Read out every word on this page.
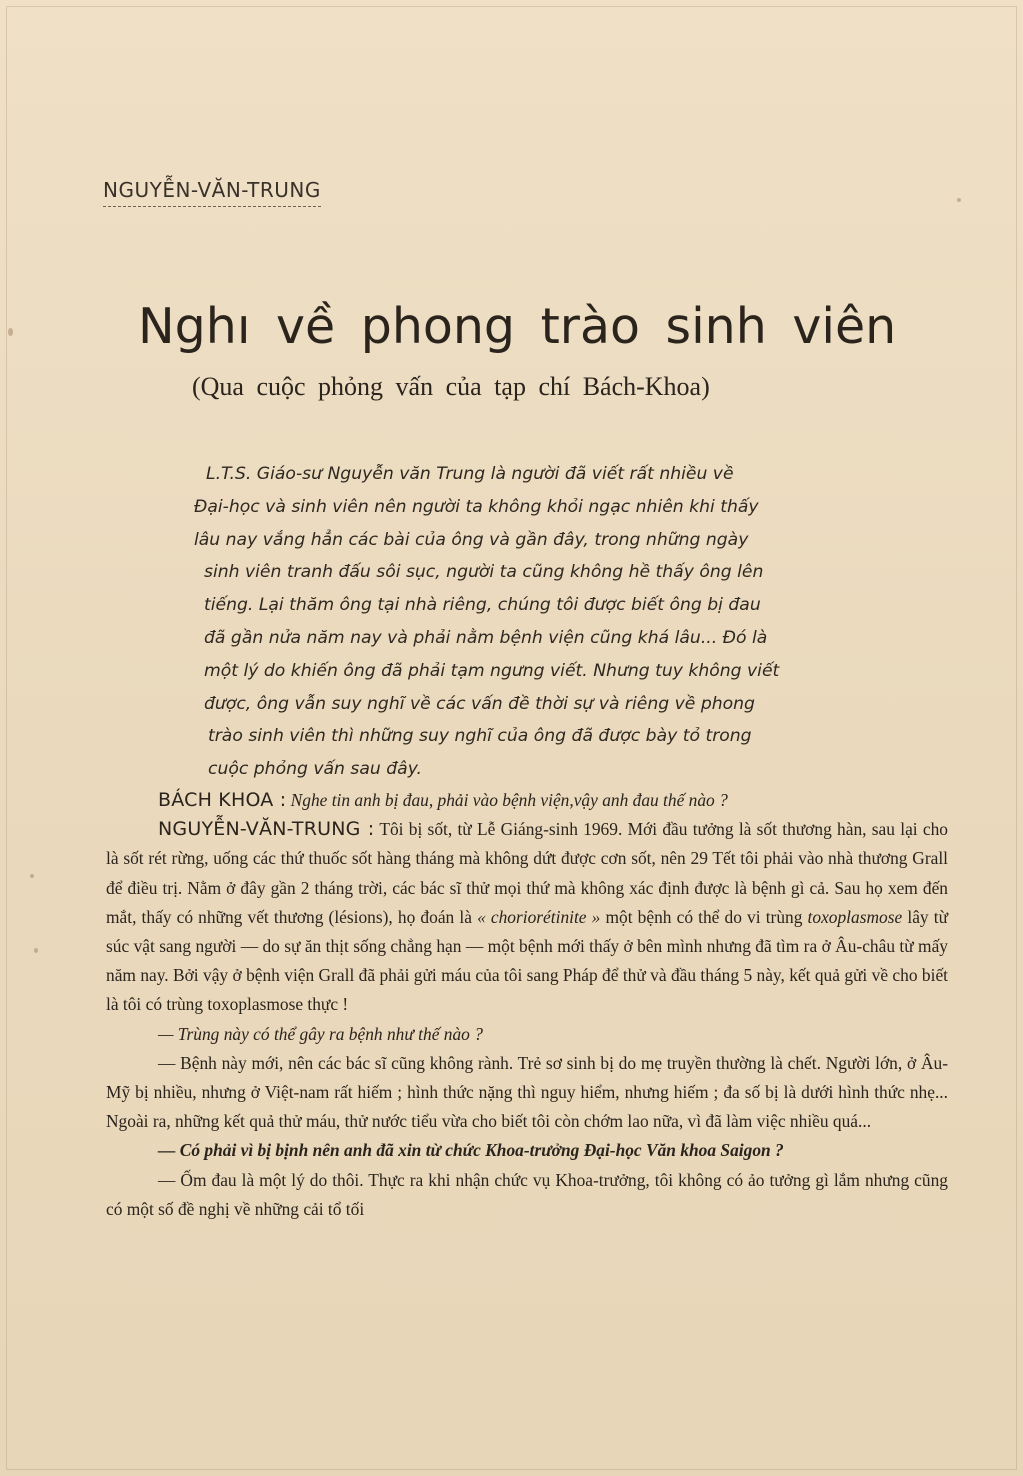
NGUYỄN-VĂN-TRUNG
Nghı về phong trào sinh viên
(Qua cuộc phỏng vấn của tạp chí Bách-Khoa)
L.T.S. Giáo-sư Nguyễn văn Trung là người đã viết rất nhiều về
Đại-học và sinh viên nên người ta không khỏi ngạc nhiên khi thấy
lâu nay vắng hẳn các bài của ông và gần đây, trong những ngày
sinh viên tranh đấu sôi sục, người ta cũng không hề thấy ông lên
tiếng. Lại thăm ông tại nhà riêng, chúng tôi được biết ông bị đau
đã gần nửa năm nay và phải nằm bệnh viện cũng khá lâu... Đó là
một lý do khiến ông đã phải tạm ngưng viết. Nhưng tuy không viết
được, ông vẫn suy nghĩ về các vấn đề thời sự và riêng về phong
trào sinh viên thì những suy nghĩ của ông đã được bày tỏ trong
cuộc phỏng vấn sau đây.

BÁCH KHOA : Nghe tin anh bị đau, phải vào bệnh viện,vậy anh đau thế nào ?

NGUYỄN-VĂN-TRUNG : Tôi bị sốt, từ Lễ Giáng-sinh 1969. Mới đầu tưởng là sốt thương hàn, sau lại cho là sốt rét rừng, uống các thứ thuốc sốt hàng tháng mà không dứt được cơn sốt, nên 29 Tết tôi phải vào nhà thương Grall để điều trị. Nằm ở đây gần 2 tháng trời, các bác sĩ thử mọi thứ mà không xác định được là bệnh gì cả. Sau họ xem đến mắt, thấy có những vết thương (lésions), họ đoán là « choriorétinite » một bệnh có thể do vi trùng toxoplasmose lây từ súc vật sang người — do sự ăn thịt sống chẳng hạn — một bệnh mới thấy ở bên mình nhưng đã tìm ra ở Âu-châu từ mấy năm nay. Bởi vậy ở bệnh viện Grall đã phải gửi máu của tôi sang Pháp để thử và đầu tháng 5 này, kết quả gửi về cho biết là tôi có trùng toxoplasmose thực !

— Trùng này có thể gây ra bệnh như thế nào ?

— Bệnh này mới, nên các bác sĩ cũng không rành. Trẻ sơ sinh bị do mẹ truyền thường là chết. Người lớn, ở Âu-Mỹ bị nhiều, nhưng ở Việt-nam rất hiếm ; hình thức nặng thì nguy hiểm, nhưng hiếm ; đa số bị là dưới hình thức nhẹ... Ngoài ra, những kết quả thử máu, thử nước tiểu vừa cho biết tôi còn chớm lao nữa, vì đã làm việc nhiều quá...

— Có phải vì bị bịnh nên anh đã xin từ chức Khoa-trưởng Đại-học Văn khoa Saigon ?

— Ốm đau là một lý do thôi. Thực ra khi nhận chức vụ Khoa-trưởng, tôi không có ảo tưởng gì lắm nhưng cũng có một số đề nghị về những cải tổ tối
